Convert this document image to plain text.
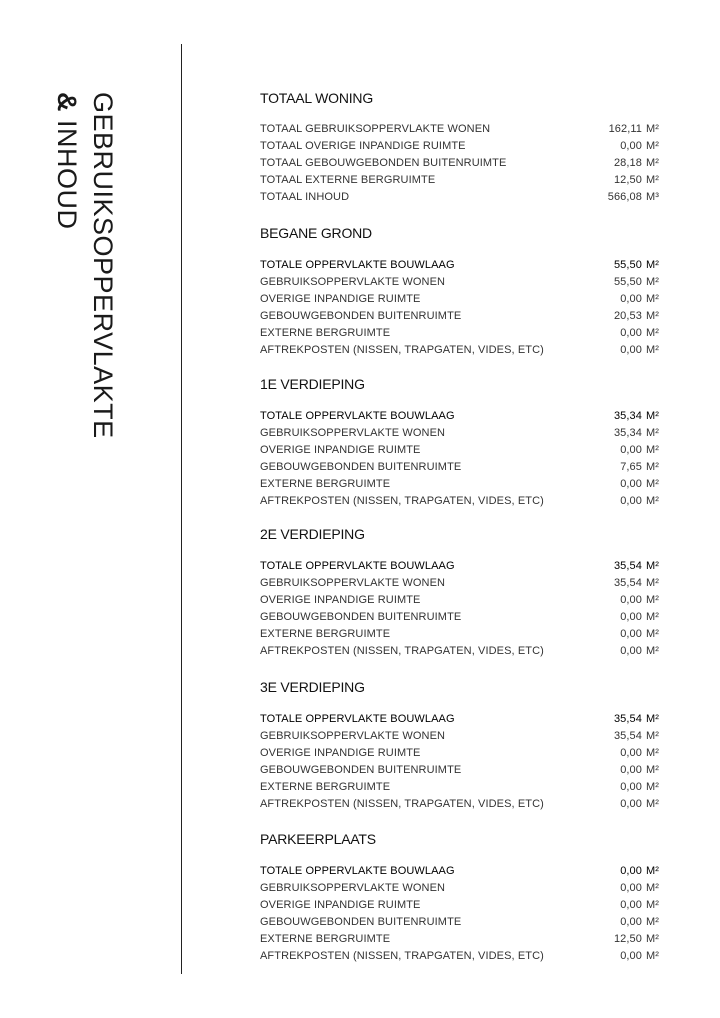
GEBRUIKSOPPERVLAKTE
& INHOUD
TOTAAL WONING
TOTAAL GEBRUIKSOPPERVLAKTE WONEN	162,11 M²
TOTAAL OVERIGE INPANDIGE RUIMTE	0,00 M²
TOTAAL GEBOUWGEBONDEN BUITENRUIMTE	28,18 M²
TOTAAL EXTERNE BERGRUIMTE	12,50 M²
TOTAAL INHOUD	566,08 M³
BEGANE GROND
TOTALE OPPERVLAKTE BOUWLAAG	55,50 M²
GEBRUIKSOPPERVLAKTE WONEN	55,50 M²
OVERIGE INPANDIGE RUIMTE	0,00 M²
GEBOUWGEBONDEN BUITENRUIMTE	20,53 M²
EXTERNE BERGRUIMTE	0,00 M²
AFTREKPOSTEN (NISSEN, TRAPGATEN, VIDES, ETC)	0,00 M²
1E VERDIEPING
TOTALE OPPERVLAKTE BOUWLAAG	35,34 M²
GEBRUIKSOPPERVLAKTE WONEN	35,34 M²
OVERIGE INPANDIGE RUIMTE	0,00 M²
GEBOUWGEBONDEN BUITENRUIMTE	7,65 M²
EXTERNE BERGRUIMTE	0,00 M²
AFTREKPOSTEN (NISSEN, TRAPGATEN, VIDES, ETC)	0,00 M²
2E VERDIEPING
TOTALE OPPERVLAKTE BOUWLAAG	35,54 M²
GEBRUIKSOPPERVLAKTE WONEN	35,54 M²
OVERIGE INPANDIGE RUIMTE	0,00 M²
GEBOUWGEBONDEN BUITENRUIMTE	0,00 M²
EXTERNE BERGRUIMTE	0,00 M²
AFTREKPOSTEN (NISSEN, TRAPGATEN, VIDES, ETC)	0,00 M²
3E VERDIEPING
TOTALE OPPERVLAKTE BOUWLAAG	35,54 M²
GEBRUIKSOPPERVLAKTE WONEN	35,54 M²
OVERIGE INPANDIGE RUIMTE	0,00 M²
GEBOUWGEBONDEN BUITENRUIMTE	0,00 M²
EXTERNE BERGRUIMTE	0,00 M²
AFTREKPOSTEN (NISSEN, TRAPGATEN, VIDES, ETC)	0,00 M²
PARKEERPLAATS
TOTALE OPPERVLAKTE BOUWLAAG	0,00 M²
GEBRUIKSOPPERVLAKTE WONEN	0,00 M²
OVERIGE INPANDIGE RUIMTE	0,00 M²
GEBOUWGEBONDEN BUITENRUIMTE	0,00 M²
EXTERNE BERGRUIMTE	12,50 M²
AFTREKPOSTEN (NISSEN, TRAPGATEN, VIDES, ETC)	0,00 M²
